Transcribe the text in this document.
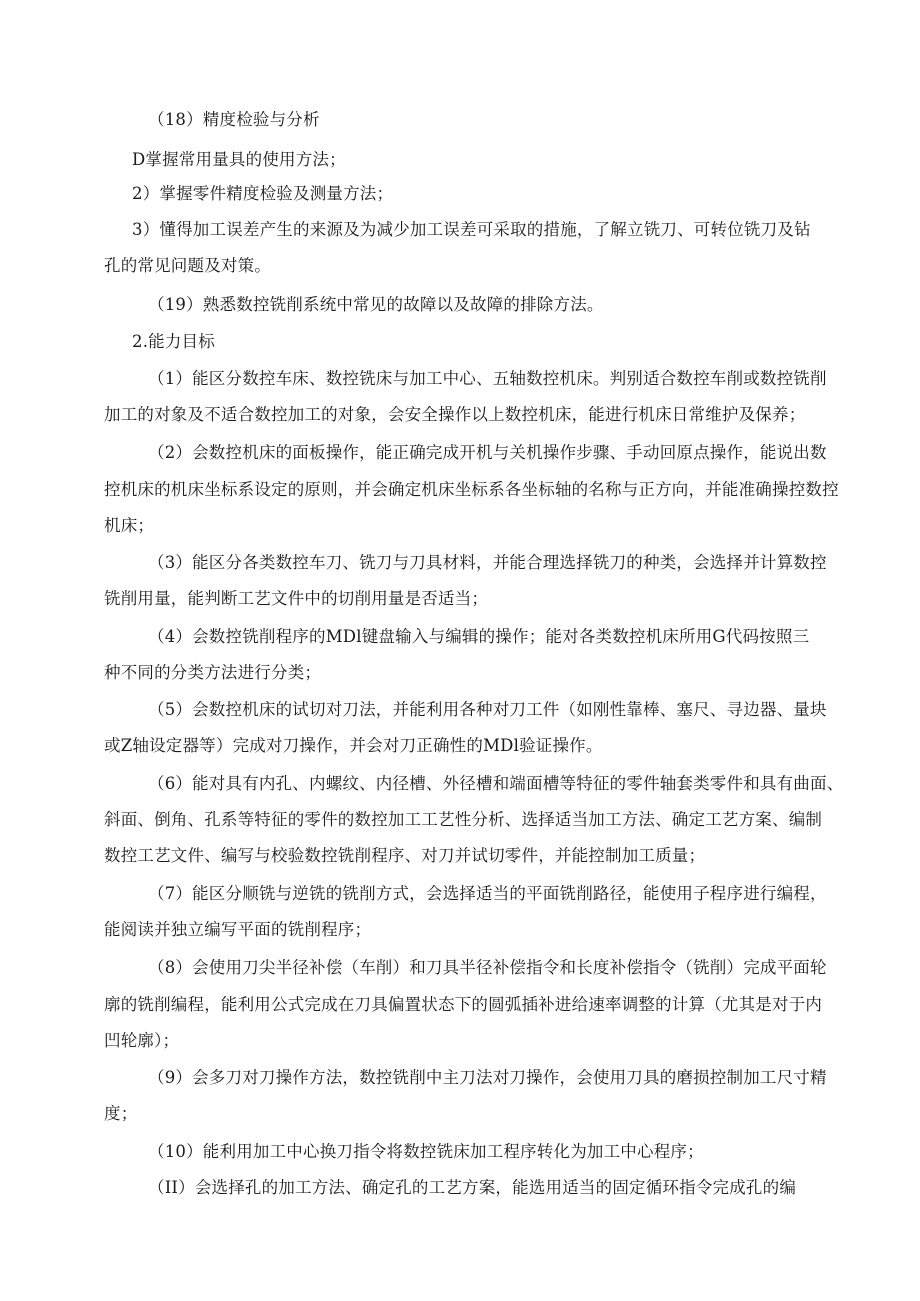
（18）精度检验与分析
D掌握常用量具的使用方法；
2）掌握零件精度检验及测量方法；
3）懂得加工误差产生的来源及为减少加工误差可采取的措施，了解立铣刀、可转位铣刀及钻
孔的常见问题及对策。
（19）熟悉数控铣削系统中常见的故障以及故障的排除方法。
2.能力目标
（1）能区分数控车床、数控铣床与加工中心、五轴数控机床。判别适合数控车削或数控铣削
加工的对象及不适合数控加工的对象，会安全操作以上数控机床，能进行机床日常维护及保养；
（2）会数控机床的面板操作，能正确完成开机与关机操作步骤、手动回原点操作，能说出数
控机床的机床坐标系设定的原则，并会确定机床坐标系各坐标轴的名称与正方向，并能准确操控数控
机床；
（3）能区分各类数控车刀、铣刀与刀具材料，并能合理选择铣刀的种类，会选择并计算数控
铣削用量，能判断工艺文件中的切削用量是否适当；
（4）会数控铣削程序的MDl键盘输入与编辑的操作；能对各类数控机床所用G代码按照三
种不同的分类方法进行分类；
（5）会数控机床的试切对刀法，并能利用各种对刀工件（如刚性靠棒、塞尺、寻边器、量块
或Z轴设定器等）完成对刀操作，并会对刀正确性的MDl验证操作。
（6）能对具有内孔、内螺纹、内径槽、外径槽和端面槽等特征的零件轴套类零件和具有曲面、
斜面、倒角、孔系等特征的零件的数控加工工艺性分析、选择适当加工方法、确定工艺方案、编制
数控工艺文件、编写与校验数控铣削程序、对刀并试切零件，并能控制加工质量；
（7）能区分顺铣与逆铣的铣削方式，会选择适当的平面铣削路径，能使用子程序进行编程，
能阅读并独立编写平面的铣削程序；
（8）会使用刀尖半径补偿（车削）和刀具半径补偿指令和长度补偿指令（铣削）完成平面轮
廓的铣削编程，能利用公式完成在刀具偏置状态下的圆弧插补进给速率调整的计算（尤其是对于内
凹轮廓）；
（9）会多刀对刀操作方法，数控铣削中主刀法对刀操作，会使用刀具的磨损控制加工尺寸精
度；
（10）能利用加工中心换刀指令将数控铣床加工程序转化为加工中心程序；
（II）会选择孔的加工方法、确定孔的工艺方案，能选用适当的固定循环指令完成孔的编
